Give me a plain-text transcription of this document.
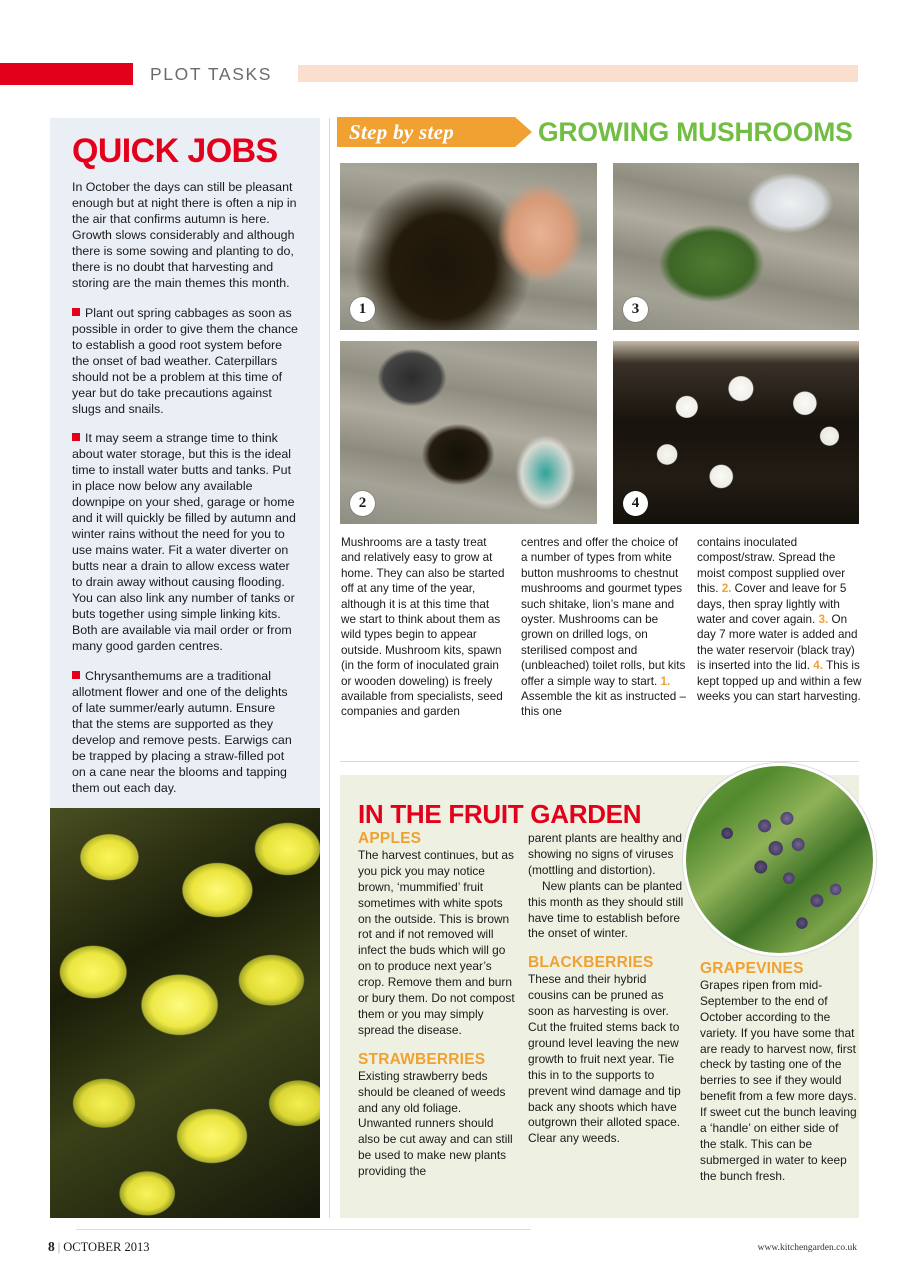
PLOT TASKS
QUICK JOBS
In October the days can still be pleasant enough but at night there is often a nip in the air that confirms autumn is here. Growth slows considerably and although there is some sowing and planting to do, there is no doubt that harvesting and storing are the main themes this month.
Plant out spring cabbages as soon as possible in order to give them the chance to establish a good root system before the onset of bad weather. Caterpillars should not be a problem at this time of year but do take precautions against slugs and snails.
It may seem a strange time to think about water storage, but this is the ideal time to install water butts and tanks. Put in place now below any available downpipe on your shed, garage or home and it will quickly be filled by autumn and winter rains without the need for you to use mains water. Fit a water diverter on butts near a drain to allow excess water to drain away without causing flooding. You can also link any number of tanks or buts together using simple linking kits. Both are available via mail order or from many good garden centres.
Chrysanthemums are a traditional allotment flower and one of the delights of late summer/early autumn. Ensure that the stems are supported as they develop and remove pests. Earwigs can be trapped by placing a straw-filled pot on a cane near the blooms and tapping them out each day.
Step by step	GROWING MUSHROOMS
1
2
3
4
Mushrooms are a tasty treat and relatively easy to grow at home. They can also be started off at any time of the year, although it is at this time that we start to think about them as wild types begin to appear outside. Mushroom kits, spawn (in the form of inoculated grain or wooden doweling) is freely available from specialists, seed companies and garden
centres and offer the choice of a number of types from white button mushrooms to chestnut mushrooms and gourmet types such shitake, lion’s mane and oyster. Mushrooms can be grown on drilled logs, on sterilised compost and (unbleached) toilet rolls, but kits offer a simple way to start. 1. Assemble the kit as instructed – this one
contains inoculated compost/straw. Spread the moist compost supplied over this. 2. Cover and leave for 5 days, then spray lightly with water and cover again. 3. On day 7 more water is added and the water reservoir (black tray) is inserted into the lid. 4. This is kept topped up and within a few weeks you can start harvesting.
IN THE FRUIT GARDEN
APPLES
The harvest continues, but as you pick you may notice brown, ‘mummified’ fruit sometimes with white spots on the outside. This is brown rot and if not removed will infect the buds which will go on to produce next year’s crop. Remove them and burn or bury them. Do not compost them or you may simply spread the disease.
STRAWBERRIES
Existing strawberry beds should be cleaned of weeds and any old foliage. Unwanted runners should also be cut away and can still be used to make new plants providing the
parent plants are healthy and showing no signs of viruses (mottling and distortion).
New plants can be planted this month as they should still have time to establish before the onset of winter.
BLACKBERRIES
These and their hybrid cousins can be pruned as soon as harvesting is over. Cut the fruited stems back to ground level leaving the new growth to fruit next year. Tie this in to the supports to prevent wind damage and tip back any shoots which have outgrown their alloted space. Clear any weeds.
GRAPEVINES
Grapes ripen from mid-September to the end of October according to the variety. If you have some that are ready to harvest now, first check by tasting one of the berries to see if they would benefit from a few more days. If sweet cut the bunch leaving a ‘handle’ on either side of the stalk. This can be submerged in water to keep the bunch fresh.
8 | OCTOBER 2013	www.kitchengarden.co.uk
